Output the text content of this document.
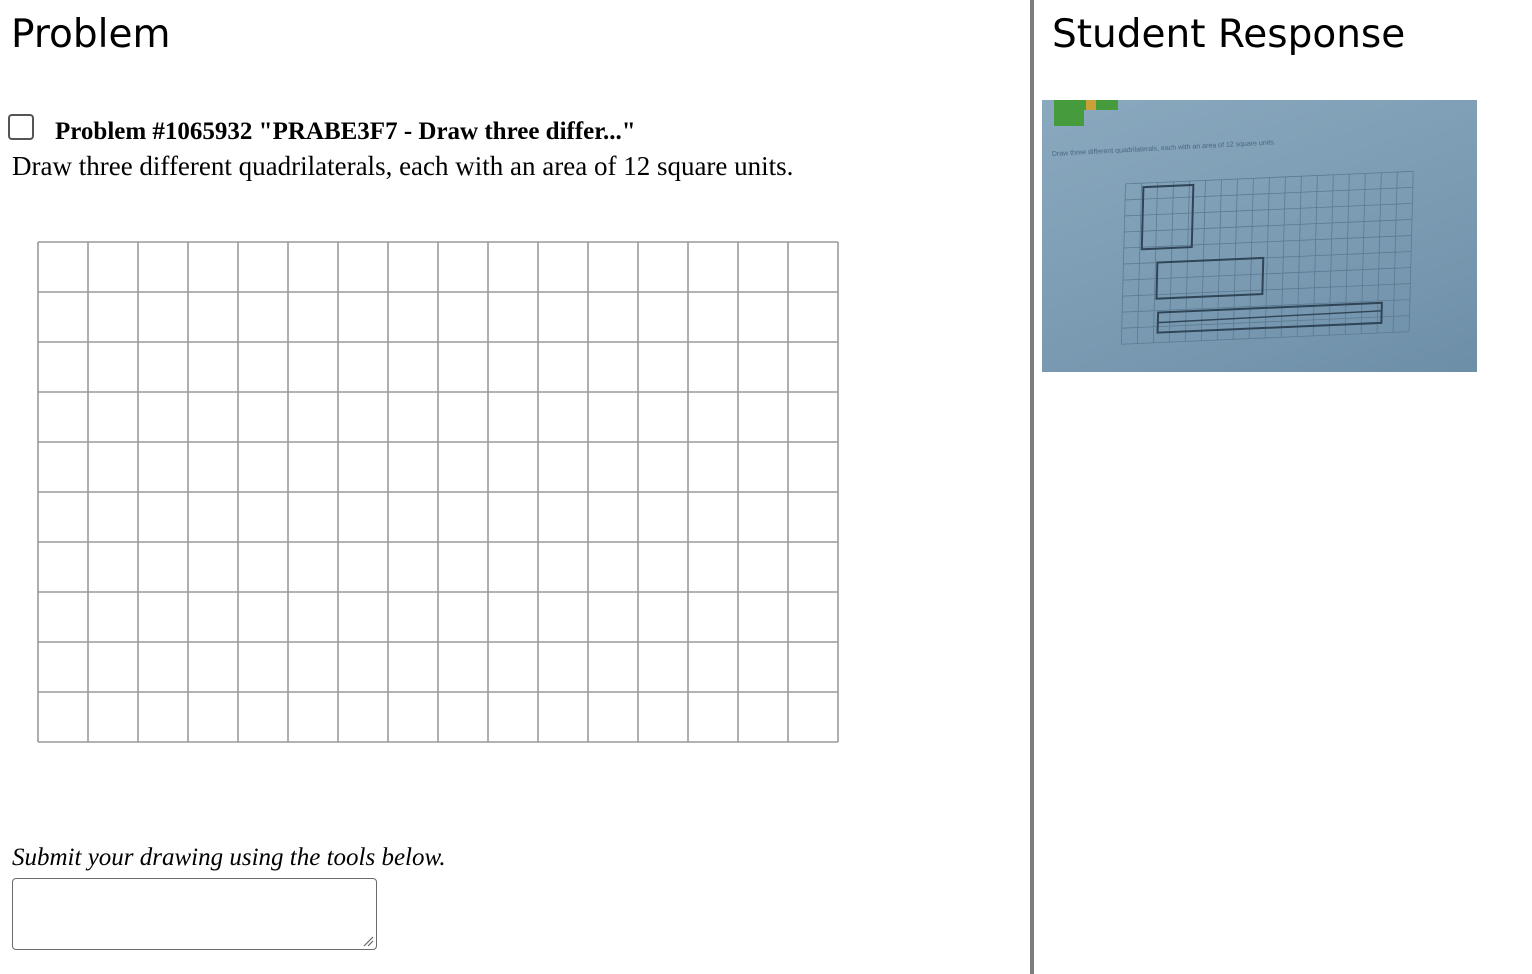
Problem
Problem #1065932 "PRABE3F7 - Draw three differ..."
Draw three different quadrilaterals, each with an area of 12 square units.
Submit your drawing using the tools below.
Student Response
Draw three different quadrilaterals, each with an area of 12 square units.
